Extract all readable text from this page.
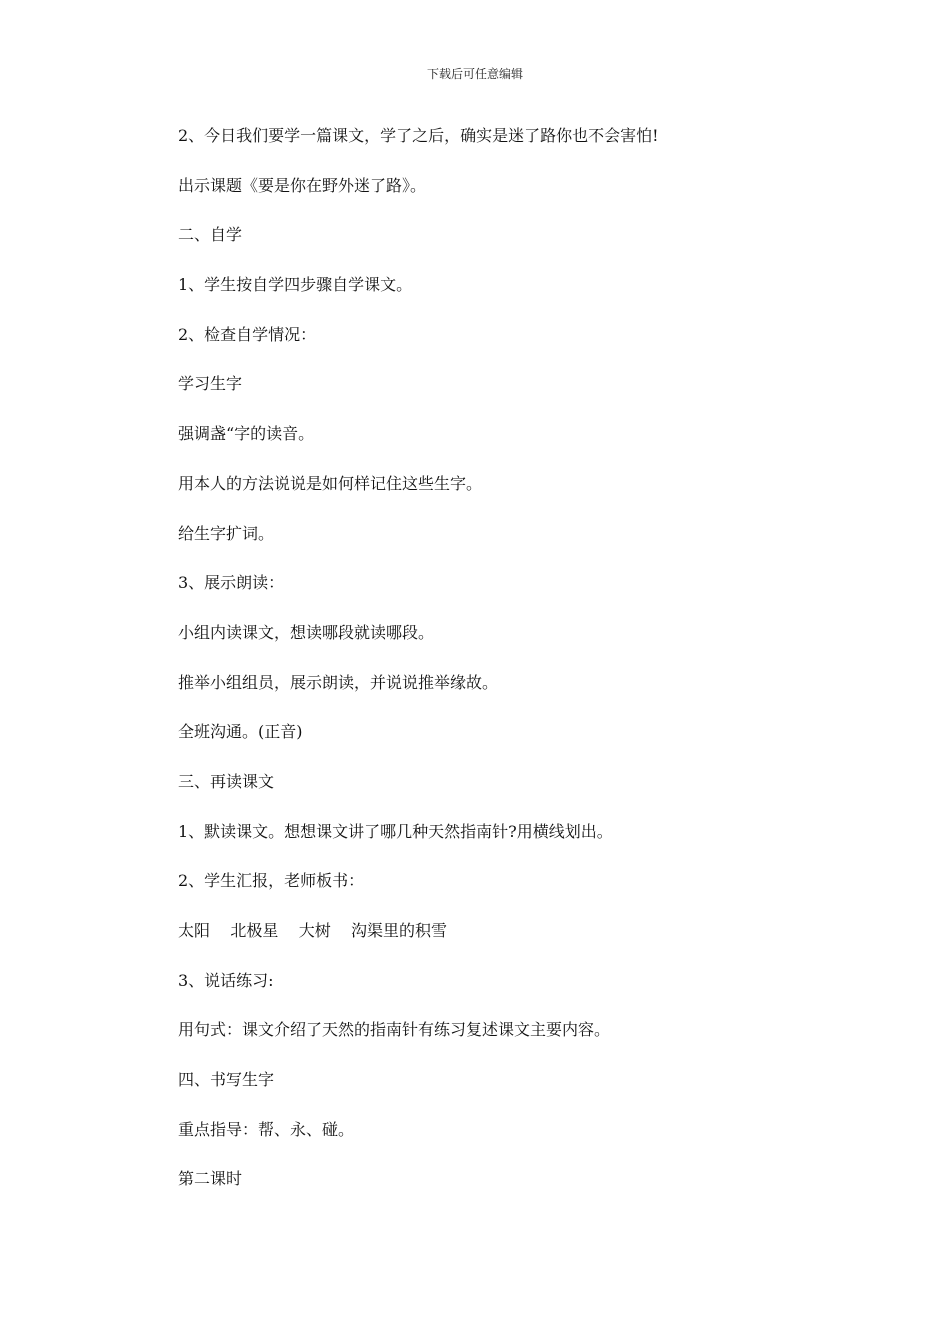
下载后可任意编辑

2、今日我们要学一篇课文，学了之后，确实是迷了路你也不会害怕!

出示课题《要是你在野外迷了路》。

二、自学

1、学生按自学四步骤自学课文。

2、检查自学情况：

学习生字

强调盏“字的读音。

用本人的方法说说是如何样记住这些生字。

给生字扩词。

3、展示朗读：

小组内读课文，想读哪段就读哪段。

推举小组组员，展示朗读，并说说推举缘故。

全班沟通。(正音)

三、再读课文

1、默读课文。想想课文讲了哪几种天然指南针?用横线划出。

2、学生汇报，老师板书：

太阳    北极星    大树    沟渠里的积雪

3、说话练习:

用句式：课文介绍了天然的指南针有练习复述课文主要内容。

四、书写生字

重点指导：帮、永、碰。

第二课时
